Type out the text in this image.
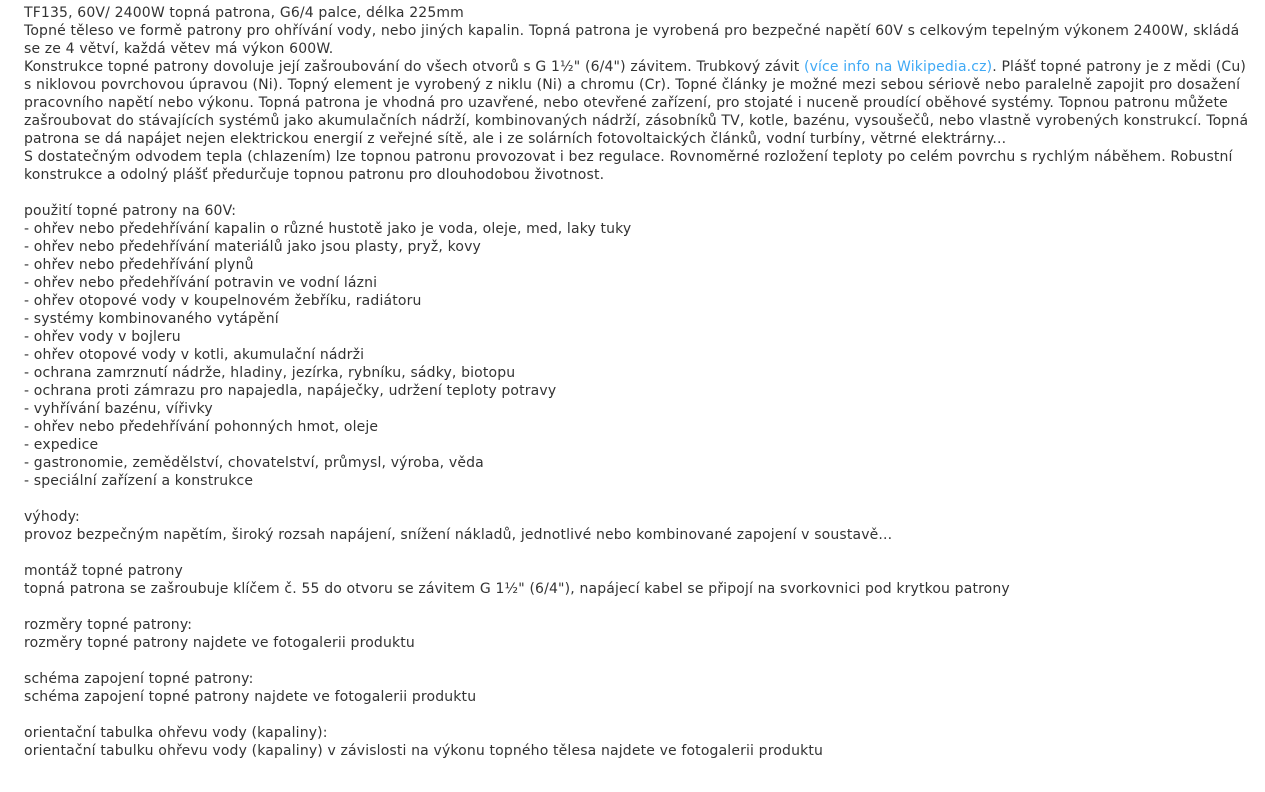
TF135, 60V/ 2400W topná patrona, G6/4 palce, délka 225mm
Topné těleso ve formě patrony pro ohřívání vody, nebo jiných kapalin. Topná patrona je vyrobená pro bezpečné napětí 60V s celkovým tepelným výkonem 2400W, skládá se ze 4 větví, každá větev má výkon 600W.
Konstrukce topné patrony dovoluje její zašroubování do všech otvorů s G 1½" (6/4") závitem. Trubkový závit (více info na Wikipedia.cz). Plášť topné patrony je z mědi (Cu) s niklovou povrchovou úpravou (Ni). Topný element je vyrobený z niklu (Ni) a chromu (Cr). Topné články je možné mezi sebou sériově nebo paralelně zapojit pro dosažení pracovního napětí nebo výkonu. Topná patrona je vhodná pro uzavřené, nebo otevřené zařízení, pro stojaté i nuceně proudící oběhové systémy. Topnou patronu můžete zašroubovat do stávajících systémů jako akumulačních nádrží, kombinovaných nádrží, zásobníků TV, kotle, bazénu, vysoušečů, nebo vlastně vyrobených konstrukcí. Topná patrona se dá napájet nejen elektrickou energií z veřejné sítě, ale i ze solárních fotovoltaických článků, vodní turbíny, větrné elektrárny...
S dostatečným odvodem tepla (chlazením) lze topnou patronu provozovat i bez regulace. Rovnoměrné rozložení teploty po celém povrchu s rychlým náběhem. Robustní konstrukce a odolný plášť předurčuje topnou patronu pro dlouhodobou životnost.
použití topné patrony na 60V:
- ohřev nebo předehřívání kapalin o různé hustotě jako je voda, oleje, med, laky tuky
- ohřev nebo předehřívání materiálů jako jsou plasty, pryž, kovy
- ohřev nebo předehřívání plynů
- ohřev nebo předehřívání potravin ve vodní lázni
- ohřev otopové vody v koupelnovém žebříku, radiátoru
- systémy kombinovaného vytápění
- ohřev vody v bojleru
- ohřev otopové vody v kotli, akumulační nádrži
- ochrana zamrznutí nádrže, hladiny, jezírka, rybníku, sádky, biotopu
- ochrana proti zámrazu pro napajedla, napáječky, udržení teploty potravy
- vyhřívání bazénu, vířivky
- ohřev nebo předehřívání pohonných hmot, oleje
- expedice
- gastronomie, zemědělství, chovatelství, průmysl, výroba, věda
- speciální zařízení a konstrukce
výhody:
provoz bezpečným napětím, široký rozsah napájení, snížení nákladů, jednotlivé nebo kombinované zapojení v soustavě...
montáž topné patrony
topná patrona se zašroubuje klíčem č. 55 do otvoru se závitem G 1½" (6/4"), napájecí kabel se připojí na svorkovnici pod krytkou patrony
rozměry topné patrony:
rozměry topné patrony najdete ve fotogalerii produktu
schéma zapojení topné patrony:
schéma zapojení topné patrony najdete ve fotogalerii produktu
orientační tabulka ohřevu vody (kapaliny):
orientační tabulku ohřevu vody (kapaliny) v závislosti na výkonu topného tělesa najdete ve fotogalerii produktu
